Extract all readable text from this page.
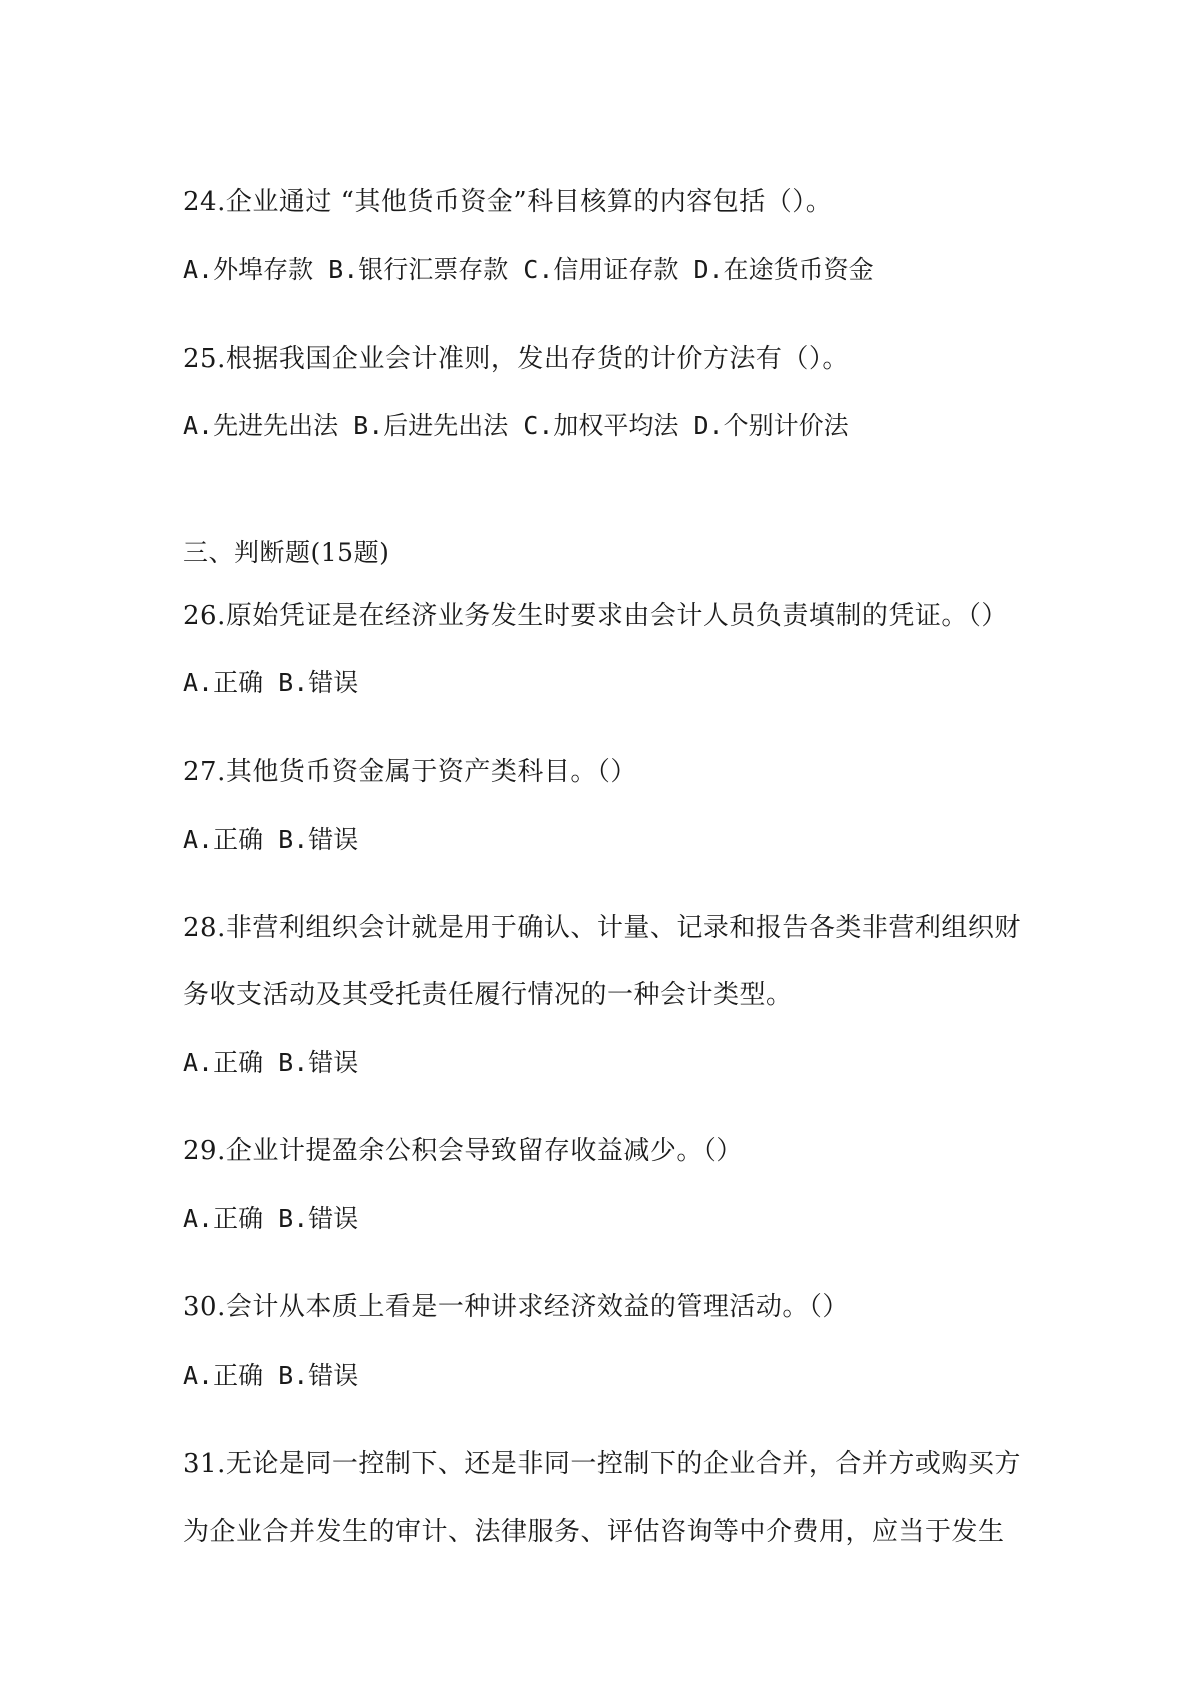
24.企业通过 “其他货币资金”科目核算的内容包括（）。
A.外埠存款 B.银行汇票存款 C.信用证存款 D.在途货币资金
25.根据我国企业会计准则，发出存货的计价方法有（）。
A.先进先出法 B.后进先出法 C.加权平均法 D.个别计价法
三、判断题(15题)
26.原始凭证是在经济业务发生时要求由会计人员负责填制的凭证。（）
A.正确 B.错误
27.其他货币资金属于资产类科目。（）
A.正确 B.错误
28.非营利组织会计就是用于确认、计量、记录和报告各类非营利组织财
务收支活动及其受托责任履行情况的一种会计类型。
A.正确 B.错误
29.企业计提盈余公积会导致留存收益减少。（）
A.正确 B.错误
30.会计从本质上看是一种讲求经济效益的管理活动。（）
A.正确 B.错误
31.无论是同一控制下、还是非同一控制下的企业合并，合并方或购买方
为企业合并发生的审计、法律服务、评估咨询等中介费用，应当于发生
